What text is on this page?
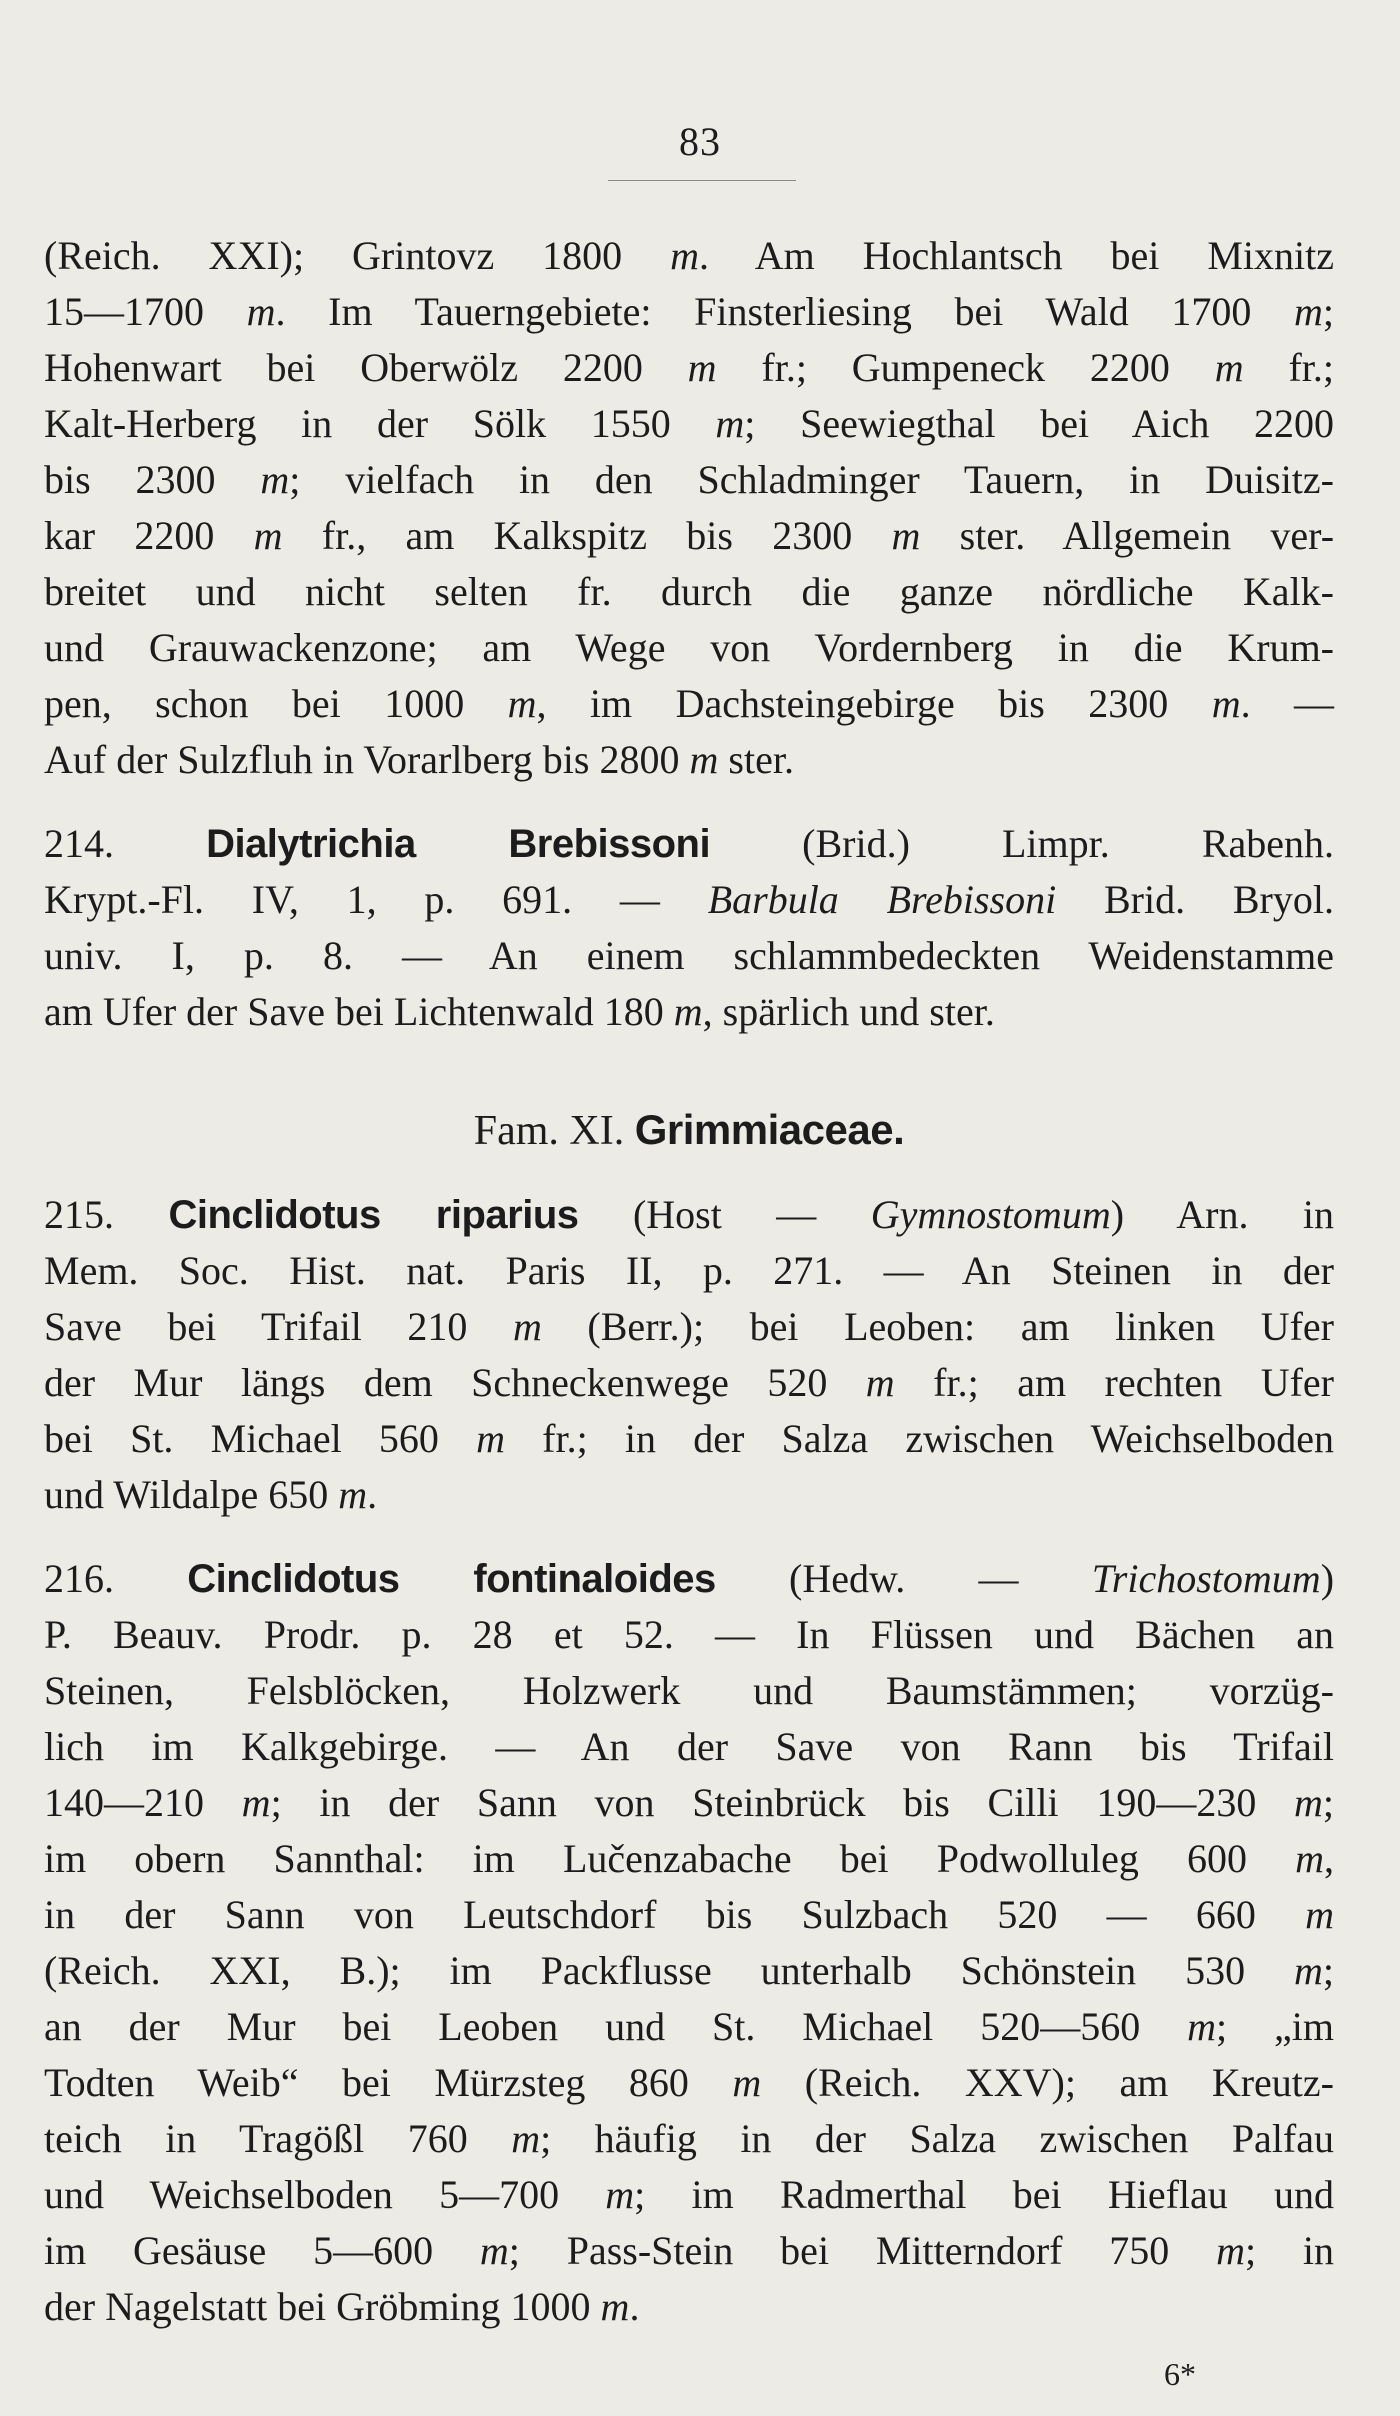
83
(Reich. XXI); Grintovz 1800 m. Am Hochlantsch bei Mixnitz
15—1700 m. Im Tauerngebiete: Finsterliesing bei Wald 1700 m;
Hohenwart bei Oberwölz 2200 m fr.; Gumpeneck 2200 m fr.;
Kalt-Herberg in der Sölk 1550 m; Seewiegthal bei Aich 2200
bis 2300 m; vielfach in den Schladminger Tauern, in Duisitz-
kar 2200 m fr., am Kalkspitz bis 2300 m ster. Allgemein ver-
breitet und nicht selten fr. durch die ganze nördliche Kalk-
und Grauwackenzone; am Wege von Vordernberg in die Krum-
pen, schon bei 1000 m, im Dachsteingebirge bis 2300 m. —
Auf der Sulzfluh in Vorarlberg bis 2800 m ster.
214. Dialytrichia Brebissoni (Brid.) Limpr. Rabenh.
Krypt.-Fl. IV, 1, p. 691. — Barbula Brebissoni Brid. Bryol.
univ. I, p. 8. — An einem schlammbedeckten Weidenstamme
am Ufer der Save bei Lichtenwald 180 m, spärlich und ster.
Fam. XI. Grimmiaceae.
215. Cinclidotus riparius (Host — Gymnostomum) Arn. in
Mem. Soc. Hist. nat. Paris II, p. 271. — An Steinen in der
Save bei Trifail 210 m (Berr.); bei Leoben: am linken Ufer
der Mur längs dem Schneckenwege 520 m fr.; am rechten Ufer
bei St. Michael 560 m fr.; in der Salza zwischen Weichselboden
und Wildalpe 650 m.
216. Cinclidotus fontinaloides (Hedw. — Trichostomum)
P. Beauv. Prodr. p. 28 et 52. — In Flüssen und Bächen an
Steinen, Felsblöcken, Holzwerk und Baumstämmen; vorzüg-
lich im Kalkgebirge. — An der Save von Rann bis Trifail
140—210 m; in der Sann von Steinbrück bis Cilli 190—230 m;
im obern Sannthal: im Lučenzabache bei Podwolluleg 600 m,
in der Sann von Leutschdorf bis Sulzbach 520 — 660 m
(Reich. XXI, B.); im Packflusse unterhalb Schönstein 530 m;
an der Mur bei Leoben und St. Michael 520—560 m; „im
Todten Weib“ bei Mürzsteg 860 m (Reich. XXV); am Kreutz-
teich in Tragößl 760 m; häufig in der Salza zwischen Palfau
und Weichselboden 5—700 m; im Radmerthal bei Hieflau und
im Gesäuse 5—600 m; Pass-Stein bei Mitterndorf 750 m; in
der Nagelstatt bei Gröbming 1000 m.
6*
